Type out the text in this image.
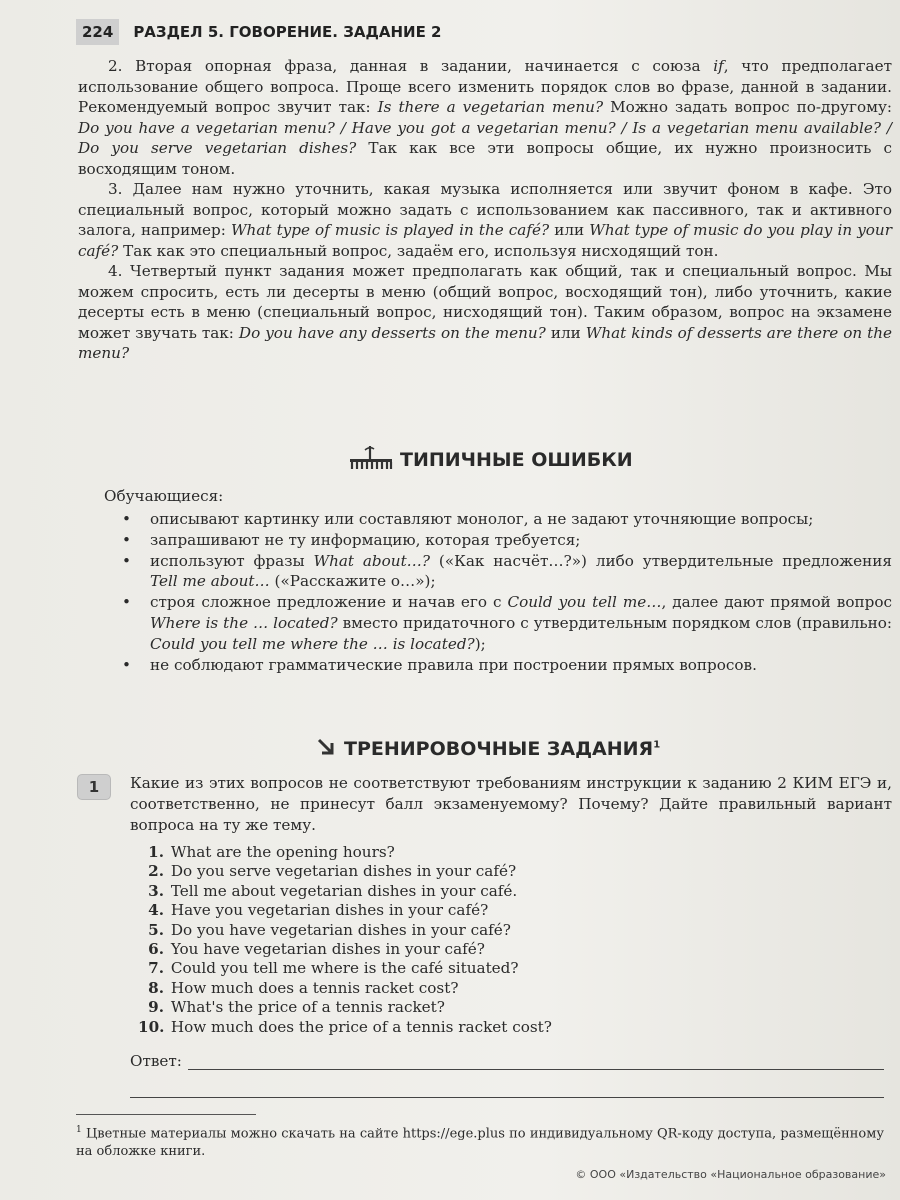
224	РАЗДЕЛ 5. ГОВОРЕНИЕ. ЗАДАНИЕ 2

2. Вторая опорная фраза, данная в задании, начинается с союза if, что предполагает использование общего вопроса. Проще всего изменить порядок слов во фразе, данной в задании. Рекомендуемый вопрос звучит так: Is there a vegetarian menu? Можно задать вопрос по-другому: Do you have a vegetarian menu? / Have you got a vegetarian menu? / Is a vegetarian menu available? / Do you serve vegetarian dishes? Так как все эти вопросы общие, их нужно произносить с восходящим тоном.

3. Далее нам нужно уточнить, какая музыка исполняется или звучит фоном в кафе. Это специальный вопрос, который можно задать с использованием как пассивного, так и активного залога, например: What type of music is played in the café? или What type of music do you play in your café? Так как это специальный вопрос, задаём его, используя нисходящий тон.

4. Четвертый пункт задания может предполагать как общий, так и специальный вопрос. Мы можем спросить, есть ли десерты в меню (общий вопрос, восходящий тон), либо уточнить, какие десерты есть в меню (специальный вопрос, нисходящий тон). Таким образом, вопрос на экзамене может звучать так: Do you have any desserts on the menu? или What kinds of desserts are there on the menu?

ТИПИЧНЫЕ ОШИБКИ
Обучающиеся:
• описывают картинку или составляют монолог, а не задают уточняющие вопросы;
• запрашивают не ту информацию, которая требуется;
• используют фразы What about…? («Как насчёт…?») либо утвердительные предложения Tell me about… («Расскажите о…»);
• строя сложное предложение и начав его с Could you tell me…, далее дают прямой вопрос Where is the … located? вместо придаточного с утвердительным порядком слов (правильно: Could you tell me where the … is located?);
• не соблюдают грамматические правила при построении прямых вопросов.
ТРЕНИРОВОЧНЫЕ ЗАДАНИЯ$^1$
1	Какие из этих вопросов не соответствуют требованиям инструкции к заданию 2 КИМ ЕГЭ и, соответственно, не принесут балл экзаменуемому? Почему? Дайте правильный вариант вопроса на ту же тему.
1. What are the opening hours?
2. Do you serve vegetarian dishes in your café?
3. Tell me about vegetarian dishes in your café.
4. Have you vegetarian dishes in your café?
5. Do you have vegetarian dishes in your café?
6. You have vegetarian dishes in your café?
7. Could you tell me where is the café situated?
8. How much does a tennis racket cost?
9. What's the price of a tennis racket?
10. How much does the price of a tennis racket cost?
Ответ:
$^1$ Цветные материалы можно скачать на сайте https://ege.plus по индивидуальному QR-коду доступа, размещённому на обложке книги.
© ООО «Издательство «Национальное образование»
